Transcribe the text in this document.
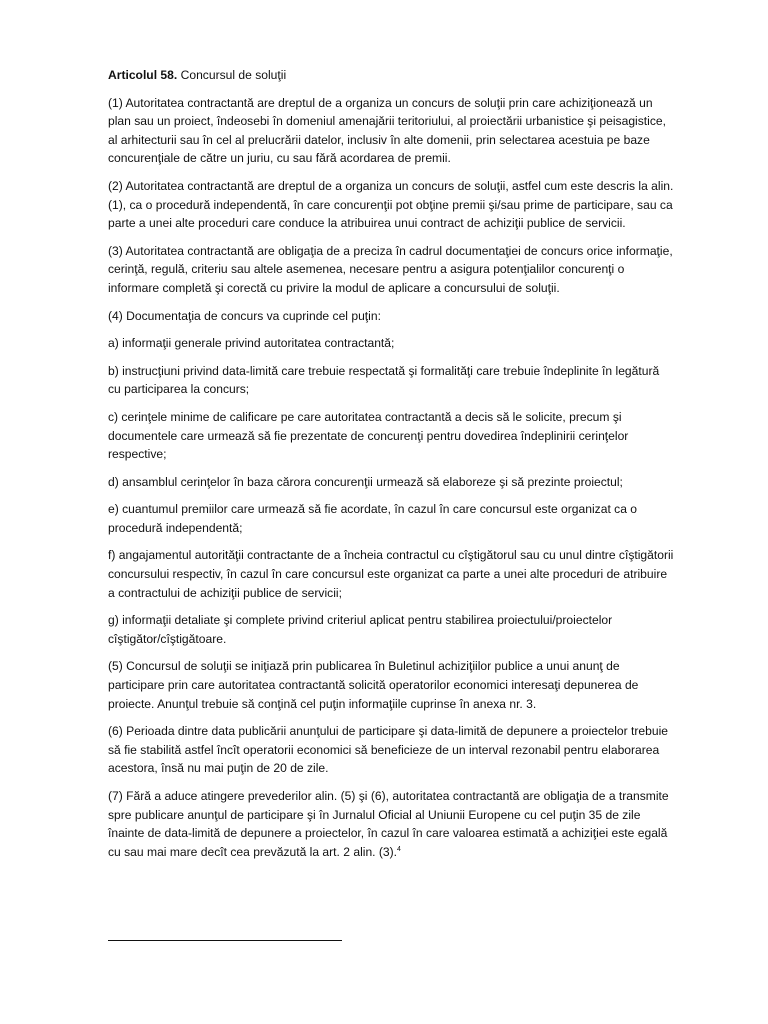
Articolul 58. Concursul de soluţii

(1) Autoritatea contractantă are dreptul de a organiza un concurs de soluţii prin care achiziţionează un plan sau un proiect, îndeosebi în domeniul amenajării teritoriului, al proiectării urbanistice şi peisagistice, al arhitecturii sau în cel al prelucrării datelor, inclusiv în alte domenii, prin selectarea acestuia pe baze concurenţiale de către un juriu, cu sau fără acordarea de premii.

(2) Autoritatea contractantă are dreptul de a organiza un concurs de soluţii, astfel cum este descris la alin. (1), ca o procedură independentă, în care concurenţii pot obţine premii şi/sau prime de participare, sau ca parte a unei alte proceduri care conduce la atribuirea unui contract de achiziţii publice de servicii.

(3) Autoritatea contractantă are obligaţia de a preciza în cadrul documentaţiei de concurs orice informaţie, cerinţă, regulă, criteriu sau altele asemenea, necesare pentru a asigura potenţialilor concurenţi o informare completă şi corectă cu privire la modul de aplicare a concursului de soluţii.

(4) Documentaţia de concurs va cuprinde cel puţin:

a) informaţii generale privind autoritatea contractantă;

b) instrucţiuni privind data-limită care trebuie respectată şi formalităţi care trebuie îndeplinite în legătură cu participarea la concurs;

c) cerinţele minime de calificare pe care autoritatea contractantă a decis să le solicite, precum şi documentele care urmează să fie prezentate de concurenţi pentru dovedirea îndeplinirii cerinţelor respective;

d) ansamblul cerinţelor în baza cărora concurenţii urmează să elaboreze şi să prezinte proiectul;

e) cuantumul premiilor care urmează să fie acordate, în cazul în care concursul este organizat ca o procedură independentă;

f) angajamentul autorităţii contractante de a încheia contractul cu cîştigătorul sau cu unul dintre cîştigătorii concursului respectiv, în cazul în care concursul este organizat ca parte a unei alte proceduri de atribuire a contractului de achiziţii publice de servicii;

g) informaţii detaliate şi complete privind criteriul aplicat pentru stabilirea proiectului/proiectelor cîştigător/cîştigătoare.

(5) Concursul de soluţii se iniţiază prin publicarea în Buletinul achiziţiilor publice a unui anunţ de participare prin care autoritatea contractantă solicită operatorilor economici interesaţi depunerea de proiecte. Anunţul trebuie să conţină cel puţin informaţiile cuprinse în anexa nr. 3.

(6) Perioada dintre data publicării anunţului de participare şi data-limită de depunere a proiectelor trebuie să fie stabilită astfel încît operatorii economici să beneficieze de un interval rezonabil pentru elaborarea acestora, însă nu mai puţin de 20 de zile.

(7) Fără a aduce atingere prevederilor alin. (5) şi (6), autoritatea contractantă are obligaţia de a transmite spre publicare anunţul de participare şi în Jurnalul Oficial al Uniunii Europene cu cel puţin 35 de zile înainte de data-limită de depunere a proiectelor, în cazul în care valoarea estimată a achiziţiei este egală cu sau mai mare decît cea prevăzută la art. 2 alin. (3).$^4$
